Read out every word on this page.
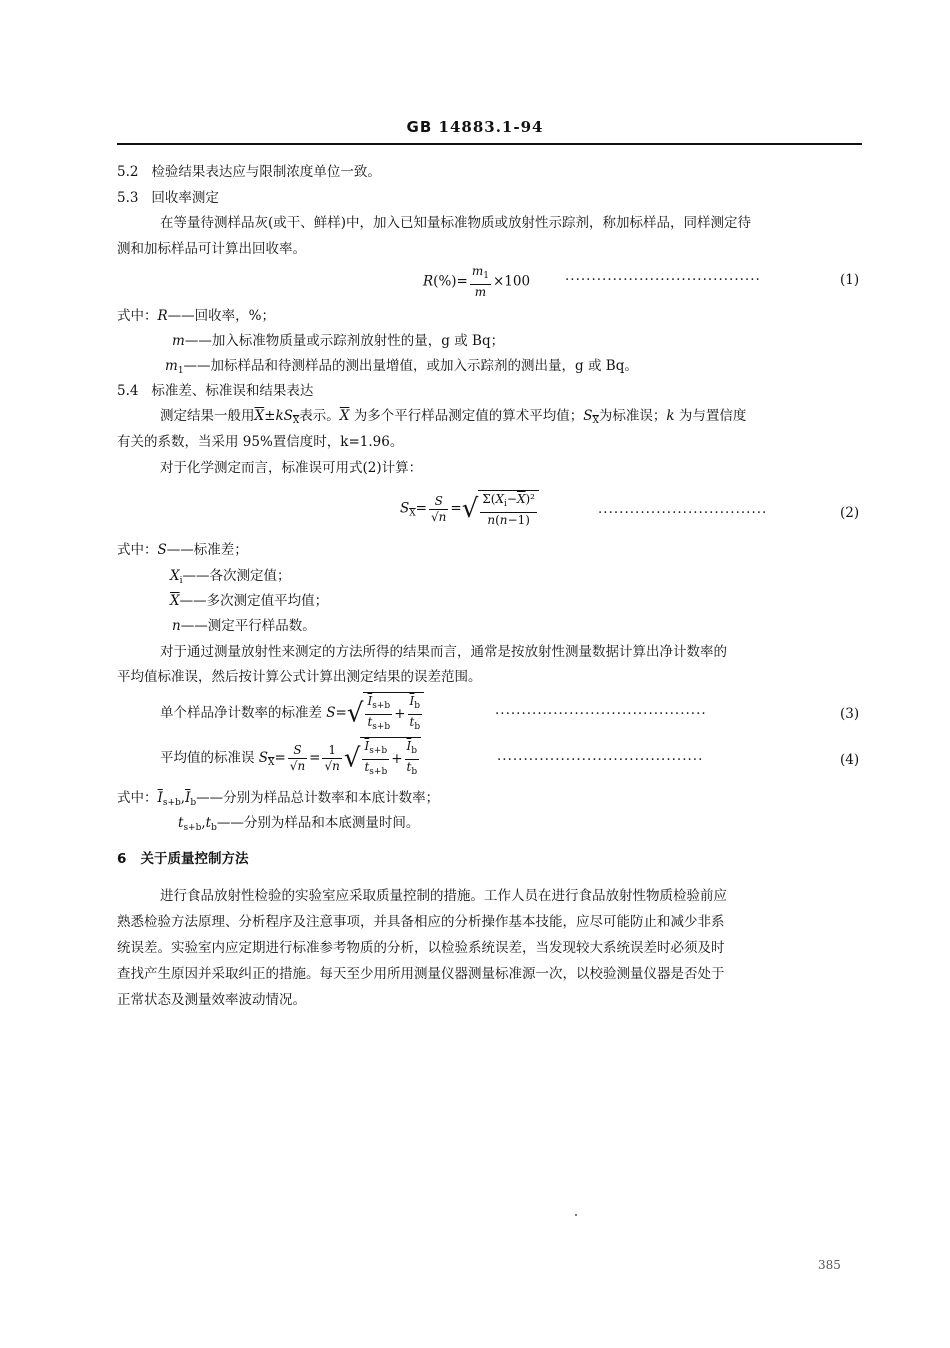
GB 14883.1-94
5.2 检验结果表达应与限制浓度单位一致。
5.3 回收率测定
在等量待测样品灰(或干、鲜样)中，加入已知量标准物质或放射性示踪剂，称加标样品，同样测定待
测和加标样品可计算出回收率。
$R(\%)= \frac{m_1}{m} \times 100$	·····································	(1)
式中：R——回收率，%；
m——加入标准物质量或示踪剂放射性的量，g 或 Bq；
$m_1——$加标样品和待测样品的测出量增值，或加入示踪剂的测出量，g 或 Bq。
5.4 标准差、标准误和结果表达
测定结果一般用$\overline{X}\pm kS_{\overline{X}}$表示。$\overline{X}$ 为多个平行样品测定值的算术平均值；$S_{\overline{X}}$为标准误；k 为与置信度
有关的系数，当采用 95%置信度时，k=1.96。
对于化学测定而言，标准误可用式(2)计算：
$S_{\overline{X}}= \frac{S}{√n}$ =√ $\frac{\Sigma(X_i-\overline{X})^2}{n(n-1)}$	································	(2)
式中：S——标准差；
$X_i——$各次测定值；
$\overline{X}——$多次测定值平均值；
n——测定平行样品数。
对于通过测量放射性来测定的方法所得的结果而言，通常是按放射性测量数据计算出净计数率的
平均值标准误，然后按计算公式计算出测定结果的误差范围。
单个样品净计数率的标准差 $S=√ \frac{I_{s+b}}{t_{s+b}} + \frac{\overline{I}_b}{t_b}$	········································	(3)
平均值的标准误 $S_{\overline{X}}= \frac{S}{√n} = \frac{1}{√n}$ √ $\frac{I_{s+b}}{t_{s+b}} + \frac{\overline{I}_b}{t_b}$	·······································	(4)
式中：$\overline{I}_{s+b},\overline{I}_b——$分别为样品总计数率和本底计数率；
$t_{s+b},t_b——$分别为样品和本底测量时间。
6 关于质量控制方法
进行食品放射性检验的实验室应采取质量控制的措施。工作人员在进行食品放射性物质检验前应
熟悉检验方法原理、分析程序及注意事项，并具备相应的分析操作基本技能，应尽可能防止和减少非系
统误差。实验室内应定期进行标准参考物质的分析，以检验系统误差，当发现较大系统误差时必须及时
查找产生原因并采取纠正的措施。每天至少用所用测量仪器测量标准源一次，以校验测量仪器是否处于
正常状态及测量效率波动情况。
385
